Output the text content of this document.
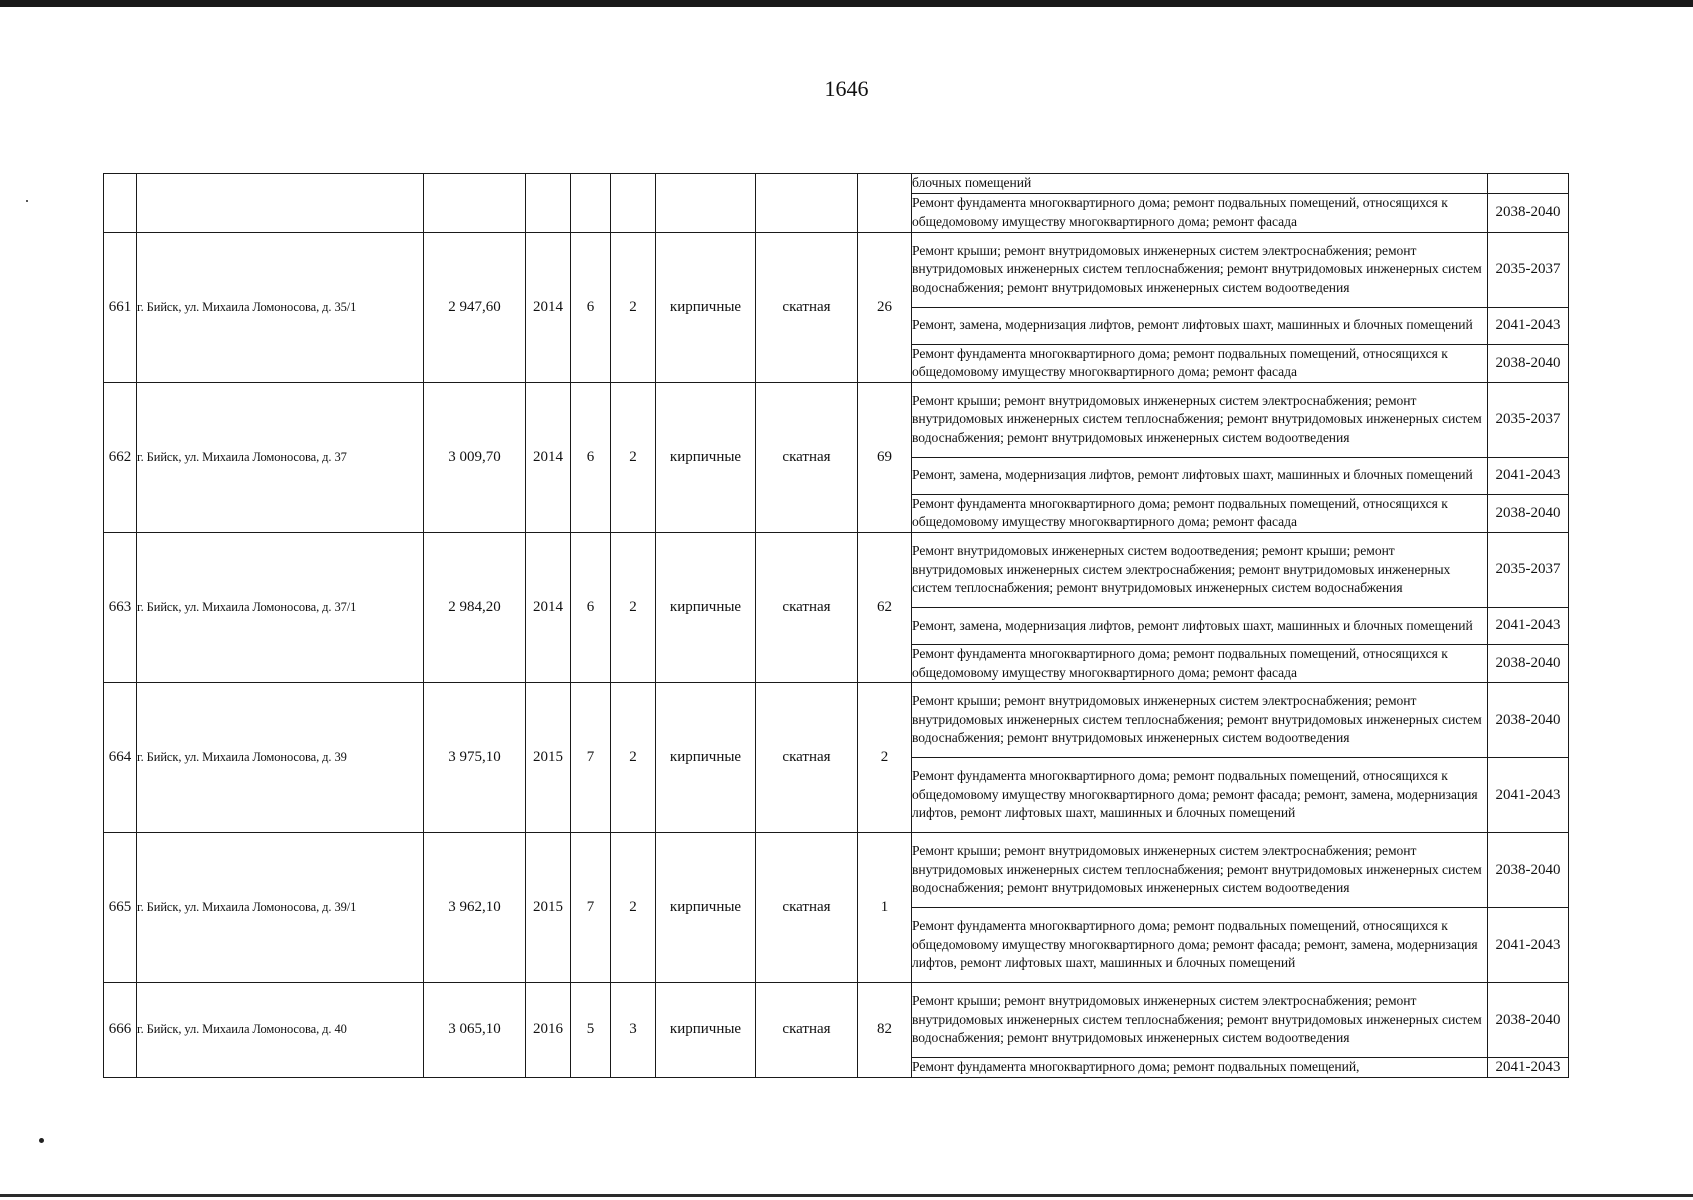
1646
									блочных помещений	
									Ремонт фундамента многоквартирного дома; ремонт подвальных помещений, относящихся к общедомовому имуществу многоквартирного дома; ремонт фасада	2038-2040
661	г. Бийск, ул. Михаила Ломоносова, д. 35/1	2 947,60	2014	6	2	кирпичные	скатная	26	Ремонт крыши; ремонт внутридомовых инженерных систем электроснабжения; ремонт внутридомовых инженерных систем теплоснабжения; ремонт внутридомовых инженерных систем водоснабжения; ремонт внутридомовых инженерных систем водоотведения	2035-2037
									Ремонт, замена, модернизация лифтов, ремонт лифтовых шахт, машинных и блочных помещений	2041-2043
									Ремонт фундамента многоквартирного дома; ремонт подвальных помещений, относящихся к общедомовому имуществу многоквартирного дома; ремонт фасада	2038-2040
662	г. Бийск, ул. Михаила Ломоносова, д. 37	3 009,70	2014	6	2	кирпичные	скатная	69	Ремонт крыши; ремонт внутридомовых инженерных систем электроснабжения; ремонт внутридомовых инженерных систем теплоснабжения; ремонт внутридомовых инженерных систем водоснабжения; ремонт внутридомовых инженерных систем водоотведения	2035-2037
									Ремонт, замена, модернизация лифтов, ремонт лифтовых шахт, машинных и блочных помещений	2041-2043
									Ремонт фундамента многоквартирного дома; ремонт подвальных помещений, относящихся к общедомовому имуществу многоквартирного дома; ремонт фасада	2038-2040
663	г. Бийск, ул. Михаила Ломоносова, д. 37/1	2 984,20	2014	6	2	кирпичные	скатная	62	Ремонт внутридомовых инженерных систем водоотведения; ремонт крыши; ремонт внутридомовых инженерных систем электроснабжения; ремонт внутридомовых инженерных систем теплоснабжения; ремонт внутридомовых инженерных систем водоснабжения	2035-2037
									Ремонт, замена, модернизация лифтов, ремонт лифтовых шахт, машинных и блочных помещений	2041-2043
									Ремонт фундамента многоквартирного дома; ремонт подвальных помещений, относящихся к общедомовому имуществу многоквартирного дома; ремонт фасада	2038-2040
664	г. Бийск, ул. Михаила Ломоносова, д. 39	3 975,10	2015	7	2	кирпичные	скатная	2	Ремонт крыши; ремонт внутридомовых инженерных систем электроснабжения; ремонт внутридомовых инженерных систем теплоснабжения; ремонт внутридомовых инженерных систем водоснабжения; ремонт внутридомовых инженерных систем водоотведения	2038-2040
									Ремонт фундамента многоквартирного дома; ремонт подвальных помещений, относящихся к общедомовому имуществу многоквартирного дома; ремонт фасада; ремонт, замена, модернизация лифтов, ремонт лифтовых шахт, машинных и блочных помещений	2041-2043
665	г. Бийск, ул. Михаила Ломоносова, д. 39/1	3 962,10	2015	7	2	кирпичные	скатная	1	Ремонт крыши; ремонт внутридомовых инженерных систем электроснабжения; ремонт внутридомовых инженерных систем теплоснабжения; ремонт внутридомовых инженерных систем водоснабжения; ремонт внутридомовых инженерных систем водоотведения	2038-2040
									Ремонт фундамента многоквартирного дома; ремонт подвальных помещений, относящихся к общедомовому имуществу многоквартирного дома; ремонт фасада; ремонт, замена, модернизация лифтов, ремонт лифтовых шахт, машинных и блочных помещений	2041-2043
666	г. Бийск, ул. Михаила Ломоносова, д. 40	3 065,10	2016	5	3	кирпичные	скатная	82	Ремонт крыши; ремонт внутридомовых инженерных систем электроснабжения; ремонт внутридомовых инженерных систем теплоснабжения; ремонт внутридомовых инженерных систем водоснабжения; ремонт внутридомовых инженерных систем водоотведения	2038-2040
									Ремонт фундамента многоквартирного дома; ремонт подвальных помещений,	2041-2043
